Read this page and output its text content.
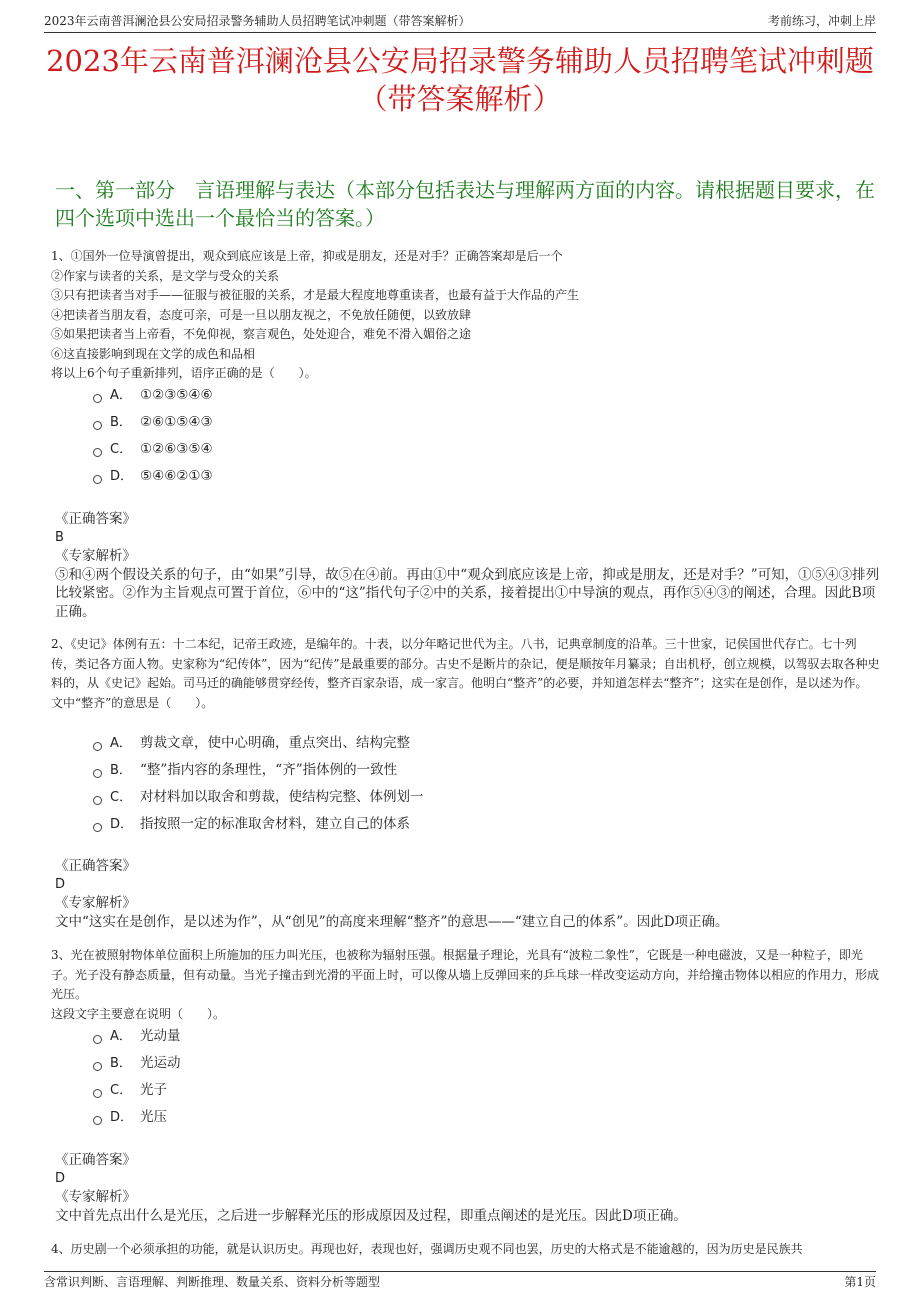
2023年云南普洱澜沧县公安局招录警务辅助人员招聘笔试冲刺题（带答案解析）	考前练习，冲刺上岸
2023年云南普洱澜沧县公安局招录警务辅助人员招聘笔试冲刺题（带答案解析）
一、第一部分　言语理解与表达（本部分包括表达与理解两方面的内容。请根据题目要求，在四个选项中选出一个最恰当的答案。）

1、①国外一位导演曾提出，观众到底应该是上帝，抑或是朋友，还是对手？正确答案却是后一个

②作家与读者的关系，是文学与受众的关系

③只有把读者当对手——征服与被征服的关系，才是最大程度地尊重读者，也最有益于大作品的产生

④把读者当朋友看，态度可亲，可是一旦以朋友视之，不免放任随便，以致放肆

⑤如果把读者当上帝看，不免仰视，察言观色，处处迎合，难免不滑入媚俗之途

⑥这直接影响到现在文学的成色和品相

将以上6个句子重新排列，语序正确的是（　　）。

A． ①②③⑤④⑥
B． ②⑥①⑤④③
C． ①②⑥③⑤④
D． ⑤④⑥②①③

《正确答案》

B

《专家解析》

⑤和④两个假设关系的句子，由“如果”引导，故⑤在④前。再由①中“观众到底应该是上帝，抑或是朋友，还是对手？”可知，①⑤④③排列比较紧密。②作为主旨观点可置于首位，⑥中的“这”指代句子②中的关系，接着提出①中导演的观点，再作⑤④③的阐述，合理。因此B项正确。

2、《史记》体例有五：十二本纪，记帝王政迹，是编年的。十表，以分年略记世代为主。八书，记典章制度的沿革。三十世家，记侯国世代存亡。七十列传，类记各方面人物。史家称为“纪传体”，因为“纪传”是最重要的部分。古史不是断片的杂记，便是顺按年月纂录；自出机杼，创立规模，以驾驭去取各种史料的，从《史记》起始。司马迁的确能够贯穿经传，整齐百家杂语，成一家言。他明白“整齐”的必要，并知道怎样去“整齐”；这实在是创作，是以述为作。

文中“整齐”的意思是（　　）。

A． 剪裁文章，使中心明确，重点突出、结构完整
B． “整”指内容的条理性，“齐”指体例的一致性
C． 对材料加以取舍和剪裁，使结构完整、体例划一
D． 指按照一定的标准取舍材料，建立自己的体系

《正确答案》

D

《专家解析》

文中“这实在是创作，是以述为作”，从“创见”的高度来理解“整齐”的意思——“建立自己的体系”。因此D项正确。

3、光在被照射物体单位面积上所施加的压力叫光压，也被称为辐射压强。根据量子理论，光具有“波粒二象性”，它既是一种电磁波，又是一种粒子，即光子。光子没有静态质量，但有动量。当光子撞击到光滑的平面上时，可以像从墙上反弹回来的乒乓球一样改变运动方向，并给撞击物体以相应的作用力，形成光压。

这段文字主要意在说明（　　）。

A． 光动量
B． 光运动
C． 光子
D． 光压

《正确答案》

D

《专家解析》

文中首先点出什么是光压，之后进一步解释光压的形成原因及过程，即重点阐述的是光压。因此D项正确。

4、历史剧一个必须承担的功能，就是认识历史。再现也好，表现也好，强调历史观不同也罢，历史的大格式是不能逾越的，因为历史是民族共

含常识判断、言语理解、判断推理、数量关系、资料分析等题型	第1页
